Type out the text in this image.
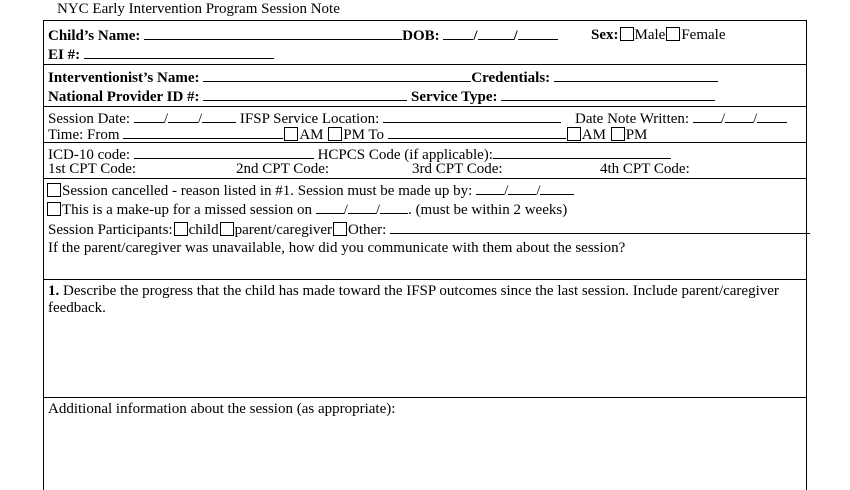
NYC Early Intervention Program Session Note
Child’s Name:	DOB: / /	Sex: Male Female
EI #:
Interventionist’s Name:	Credentials:
National Provider ID #:	Service Type:
Session Date: / /	IFSP Service Location:	Date Note Written: / /
Time: From	AM PM To	AM PM
ICD-10 code:	HCPCS Code (if applicable):
1st CPT Code:	2nd CPT Code:	3rd CPT Code:	4th CPT Code:
Session cancelled - reason listed in #1. Session must be made up by: / /
This is a make-up for a missed session on / / . (must be within 2 weeks)
Session Participants: child parent/caregiver Other:
If the parent/caregiver was unavailable, how did you communicate with them about the session?
1. Describe the progress that the child has made toward the IFSP outcomes since the last session. Include parent/caregiver
feedback.
Additional information about the session (as appropriate):
